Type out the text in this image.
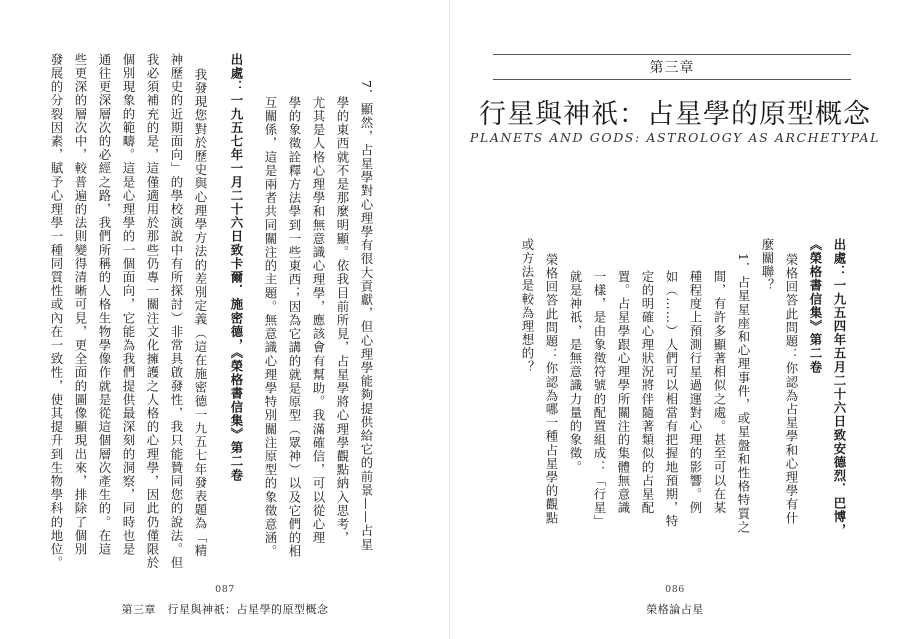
7．顯然，占星學對心理學有很大貢獻，但心理學能夠提供給它的前景——占星
學的東西就不是那麼明顯。依我目前所見，占星學將心理學觀點納入思考，
尤其是人格心理學和無意識心理學，應該會有幫助。我滿確信，可以從心理
學的象徵詮釋方法學到一些東西；因為它講的就是原型（眾神）以及它們的相
互關係，這是兩者共同關注的主題。無意識心理學特別關注原型的象徵意涵。
出處：一九五七年一月二十六日致卡爾．施密德，《榮格書信集》第二卷
我發現您對於歷史與心理學方法的差別定義（這在施密德一九五七年發表題為「精
神歷史的近期面向」的學校演說中有所探討）非常具啟發性，我只能贊同您的說法。但
我必須補充的是，這僅適用於那些仍專一關注文化擁護之人格的心理學，因此仍僅限於
個別現象的範疇。這是心理學的一個面向，它能為我們提供最深刻的洞察，同時也是
通往更深層次的必經之路，我們所稱的人格生物學像作就是從這個層次產生的。在這
些更深的層次中，較普遍的法則變得清晰可見，更全面的圖像顯現出來，排除了個別
發展的分裂因素，賦予心理學一種同質性或內在一致性，使其提升到生物學科的地位。
087
第三章　行星與神祇：占星學的原型概念
第三章
行星與神祇：占星學的原型概念
PLANETS AND GODS: ASTROLOGY AS ARCHETYPAL
出處：一九五四年五月二十六日致安德烈．巴博，
《榮格書信集》第二卷
榮格回答此問題：你認為占星學和心理學有什
麼關聯？
1．占星星座和心理事件，或星盤和性格特質之
間，有許多顯著相似之處。甚至可以在某
種程度上預測行星過運對心理的影響。例
如（……）人們可以相當有把握地預期，特
定的明確心理狀況將伴隨著類似的占星配
置。占星學跟心理學所關注的集體無意識
一樣，是由象徵符號的配置組成：「行星」
就是神祇，是無意識力量的象徵。
榮格回答此問題：你認為哪一種占星學的觀點
或方法是較為理想的？
086
榮格論占星
